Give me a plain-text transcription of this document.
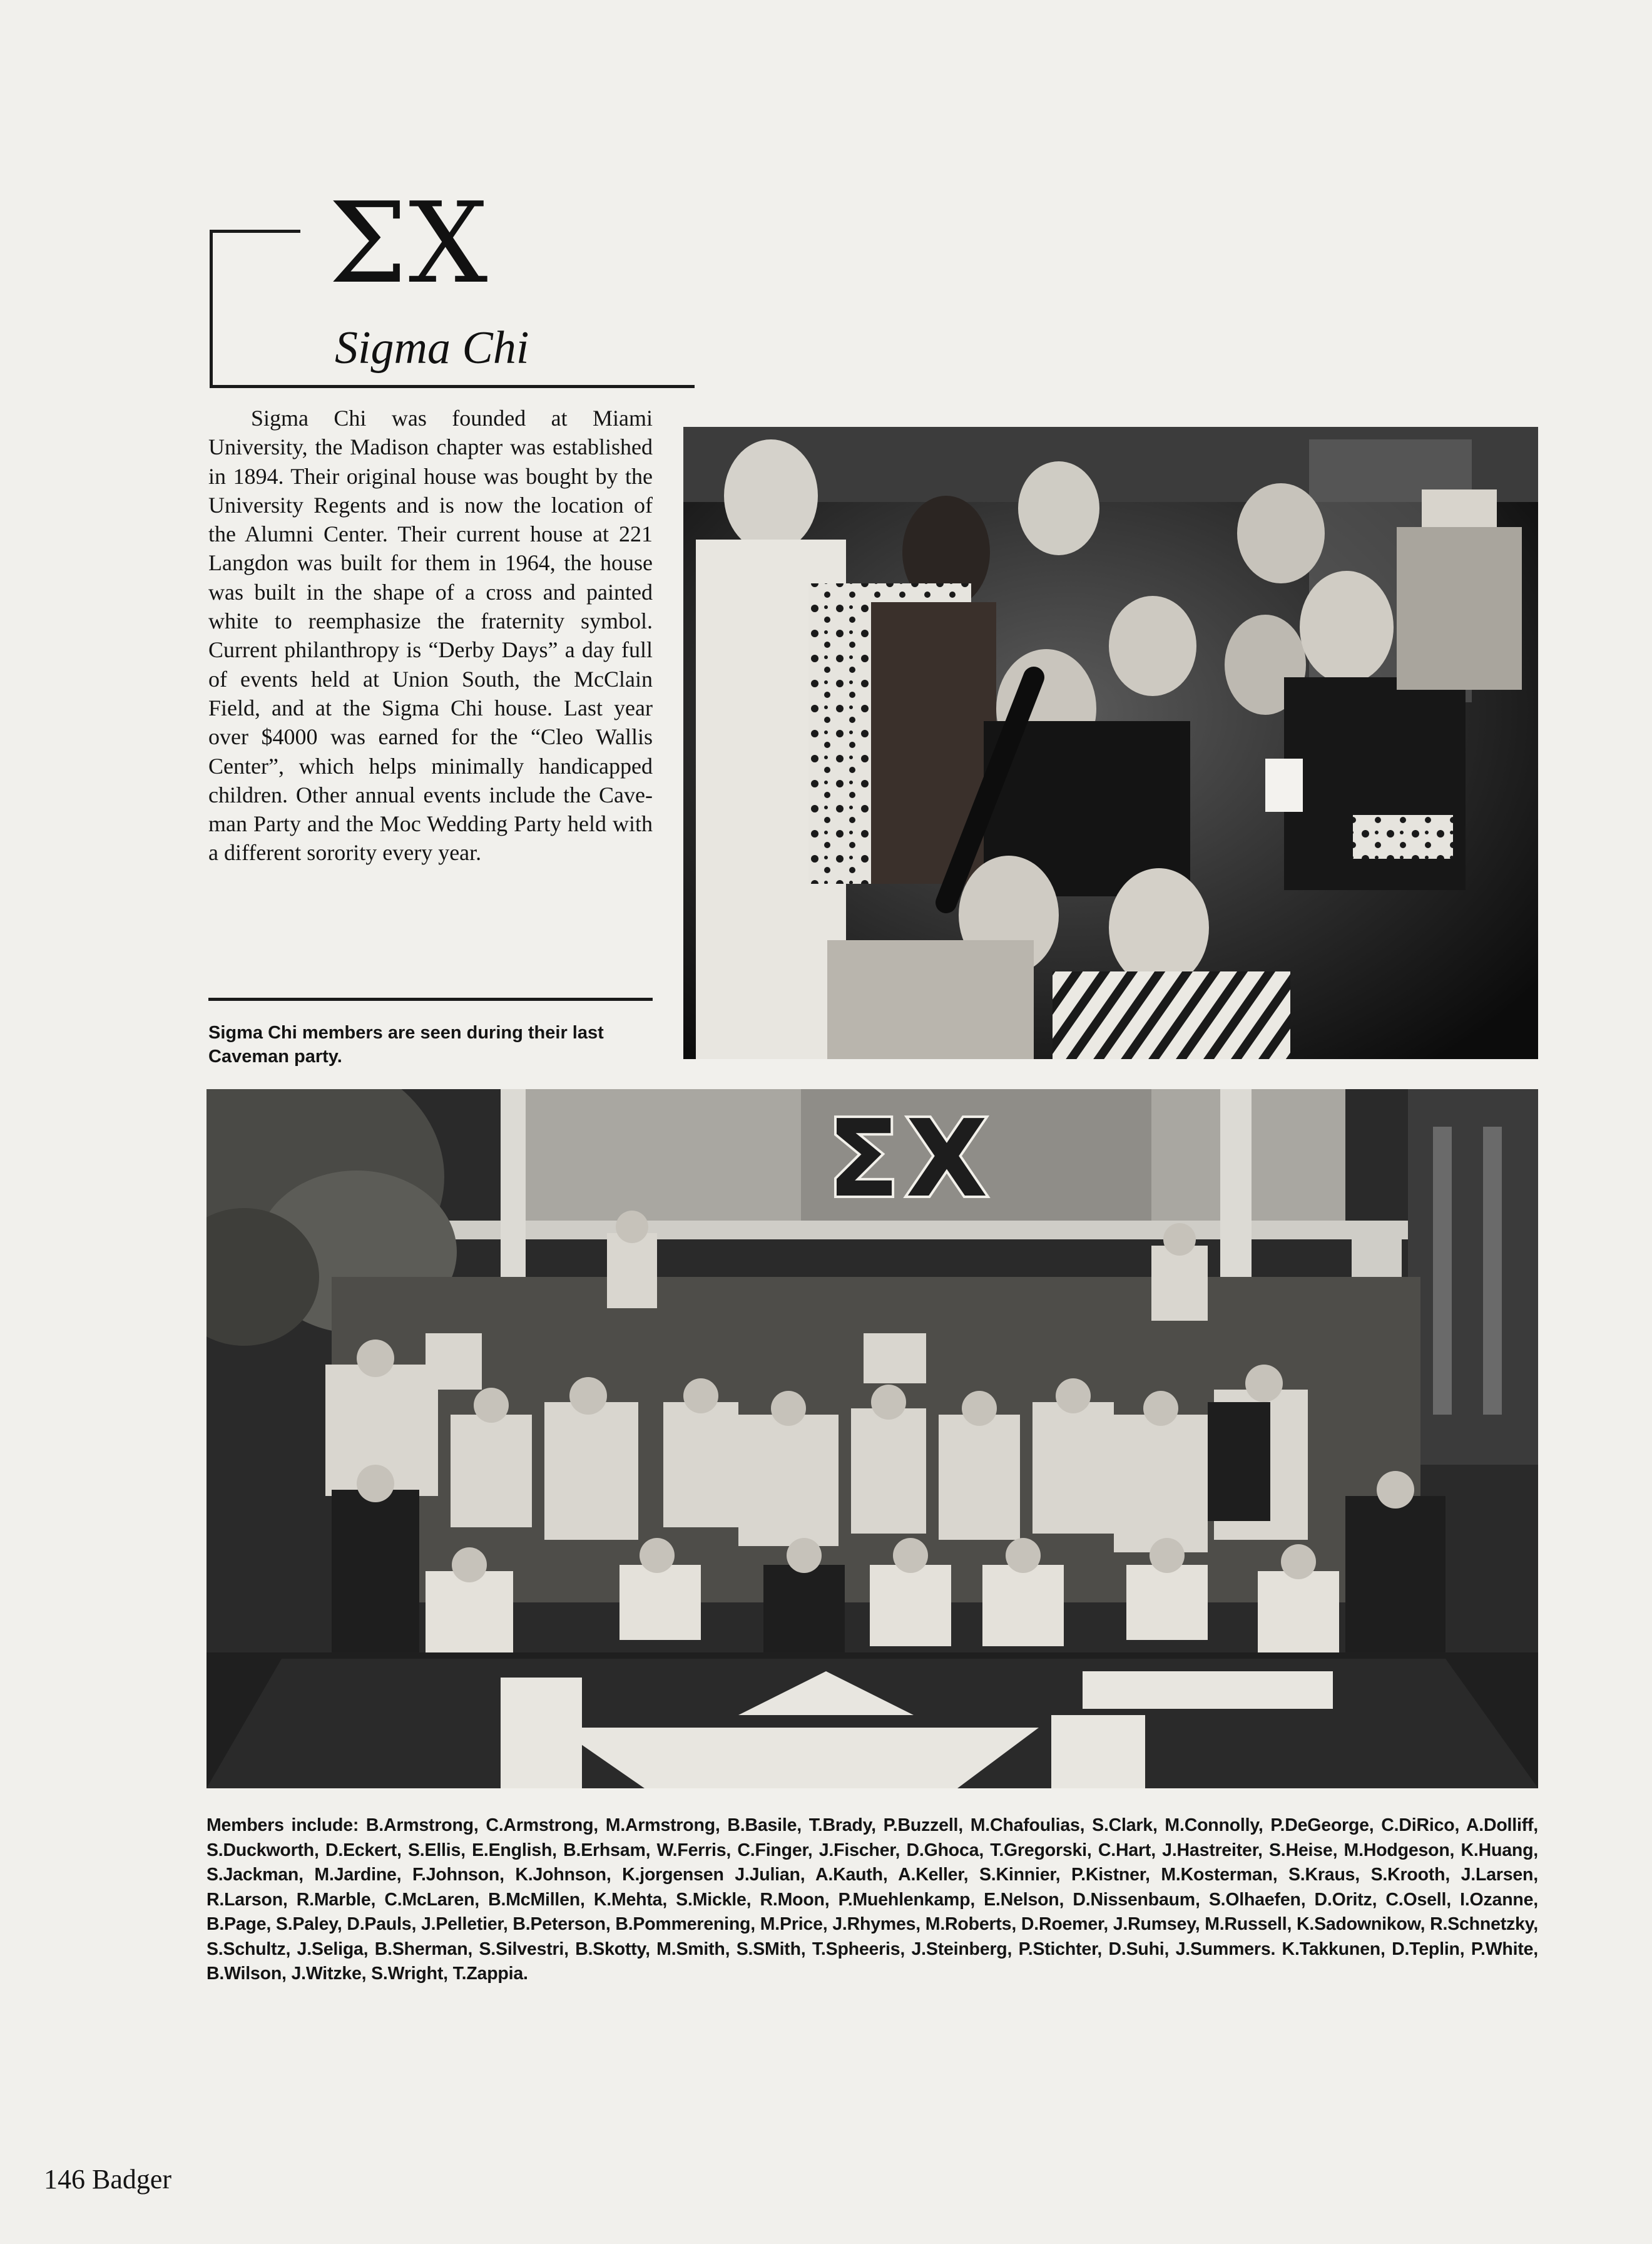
ΣX
Sigma Chi

Sigma Chi was founded at Miami University, the Madison chapter was established in 1894. Their original house was bought by the University Regents and is now the location of the Alumni Center. Their current house at 221 Langdon was built for them in 1964, the house was built in the shape of a cross and painted white to reemphasize the fraternity symbol. Current philanthropy is “Derby Days” a day full of events held at Union South, the McClain Field, and at the Sigma Chi house. Last year over $4000 was earned for the “Cleo Wallis Center”, which helps minimally handicapped children. Other annual events include the Caveman Party and the Moc Wedding Party held with a different sorority every year.

Sigma Chi members are seen during their last Caveman party.
ΣX

Members include: B.Armstrong, C.Armstrong, M.Armstrong, B.Basile, T.Brady, P.Buzzell, M.Chafoulias, S.Clark, M.Connolly, P.DeGeorge, C.DiRico, A.Dolliff, S.Duckworth, D.Eckert, S.Ellis, E.English, B.Erhsam, W.Ferris, C.Finger, J.Fischer, D.Ghoca, T.Gregorski, C.Hart, J.Hastreiter, S.Heise, M.Hodgeson, K.Huang, S.Jackman, M.Jardine, F.Johnson, K.Johnson, K.jorgensen J.Julian, A.Kauth, A.Keller, S.Kinnier, P.Kistner, M.Kosterman, S.Kraus, S.Krooth, J.Larsen, R.Larson, R.Marble, C.McLaren, B.McMillen, K.Mehta, S.Mickle, R.Moon, P.Muehlenkamp, E.Nelson, D.Nissenbaum, S.Olhaefen, D.Oritz, C.Osell, I.Ozanne, B.Page, S.Paley, D.Pauls, J.Pelletier, B.Peterson, B.Pommerening, M.Price, J.Rhymes, M.Roberts, D.Roemer, J.Rumsey, M.Russell, K.Sadownikow, R.Schnetzky, S.Schultz, J.Seliga, B.Sherman, S.Silvestri, B.Skotty, M.Smith, S.SMith, T.Spheeris, J.Steinberg, P.Stichter, D.Suhi, J.Summers. K.Takkunen, D.Teplin, P.White, B.Wilson, J.Witzke, S.Wright, T.Zappia.

146 Badger
